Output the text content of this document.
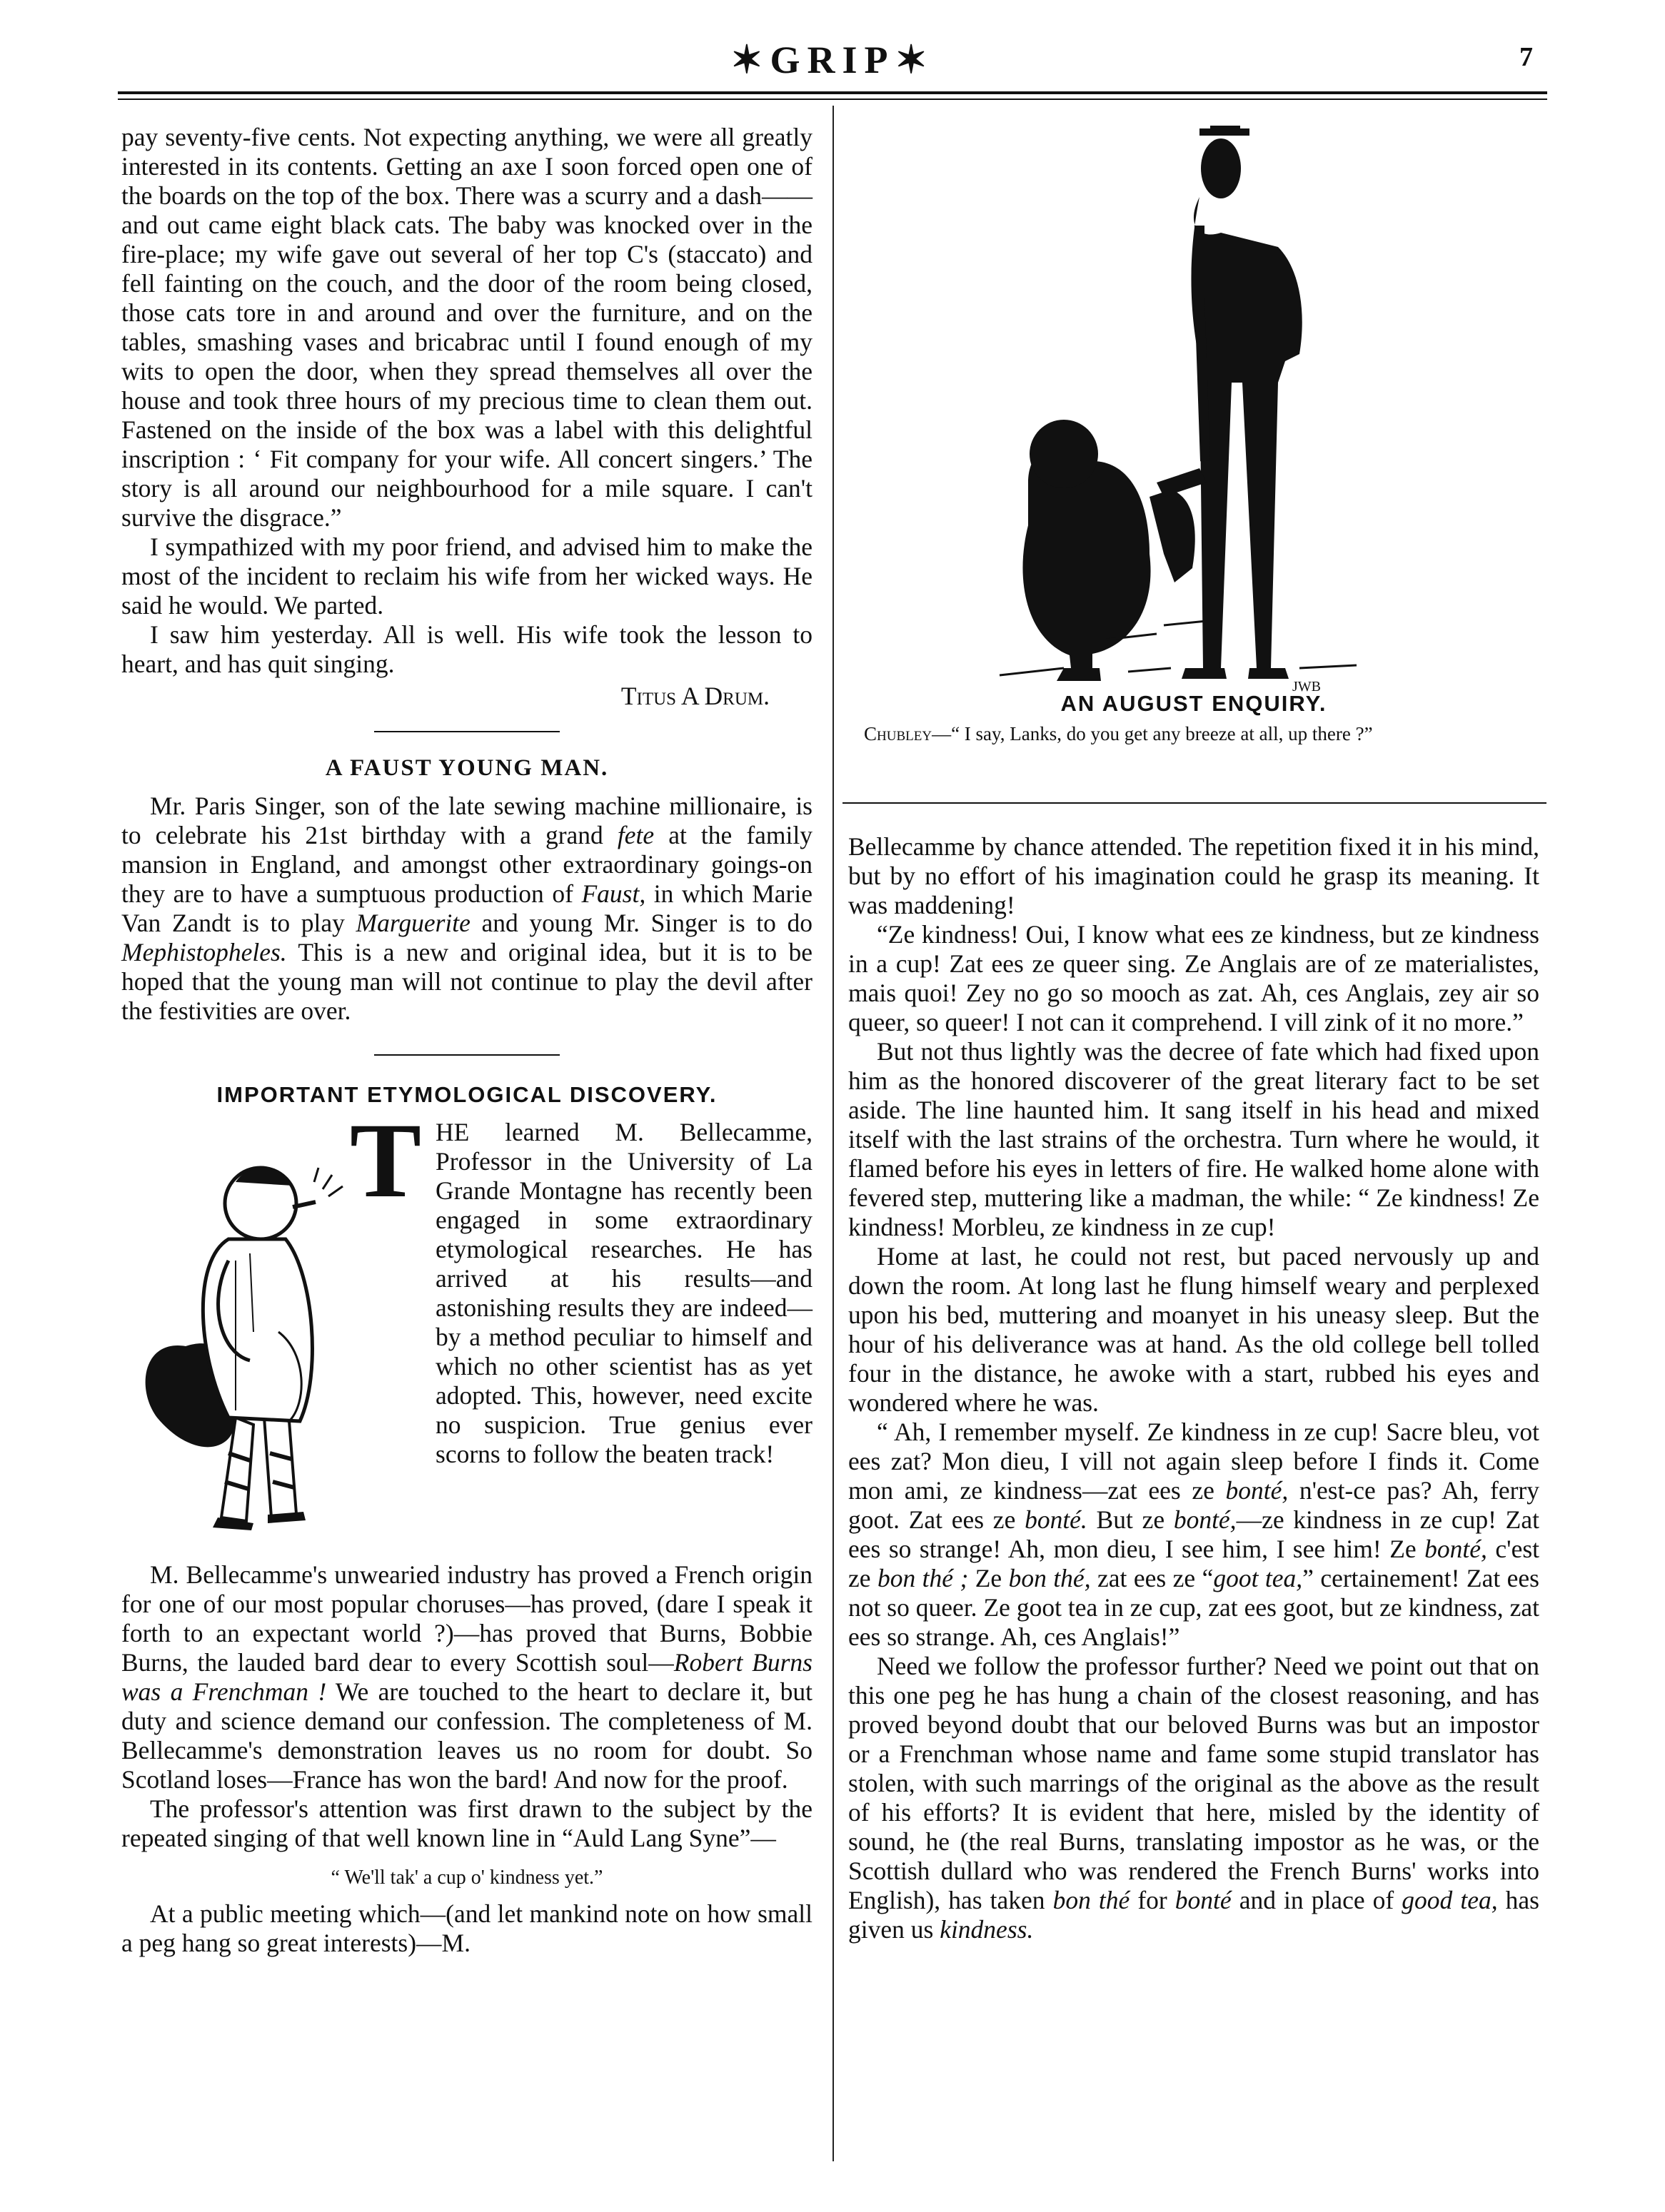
✶GRIP✶	7

pay seventy-five cents. Not expecting anything, we were all greatly interested in its contents. Getting an axe I soon forced open one of the boards on the top of the box. There was a scurry and a dash——and out came eight black cats. The baby was knocked over in the fire-place; my wife gave out several of her top C's (staccato) and fell fainting on the couch, and the door of the room being closed, those cats tore in and around and over the furniture, and on the tables, smashing vases and bricabrac until I found enough of my wits to open the door, when they spread themselves all over the house and took three hours of my precious time to clean them out. Fastened on the inside of the box was a label with this delightful inscription : ‘ Fit company for your wife. All concert singers.’ The story is all around our neighbourhood for a mile square. I can't survive the disgrace.”

I sympathized with my poor friend, and advised him to make the most of the incident to reclaim his wife from her wicked ways. He said he would. We parted.

I saw him yesterday. All is well. His wife took the lesson to heart, and has quit singing.

Titus A Drum.
A FAUST YOUNG MAN.

Mr. Paris Singer, son of the late sewing machine millionaire, is to celebrate his 21st birthday with a grand fete at the family mansion in England, and amongst other extraordinary goings-on they are to have a sumptuous production of Faust, in which Marie Van Zandt is to play Marguerite and young Mr. Singer is to do Mephistopheles. This is a new and original idea, but it is to be hoped that the young man will not continue to play the devil after the festivities are over.

IMPORTANT ETYMOLOGICAL DISCOVERY.
T HE learned M. Bellecamme, Professor in the University of La Grande Montagne has recently been engaged in some extraordinary etymological researches. He has arrived at his results—and astonishing results they are indeed—by a method peculiar to himself and which no other scientist has as yet adopted. This, however, need excite no suspicion. True genius ever scorns to follow the beaten track!

M. Bellecamme's unwearied industry has proved a French origin for one of our most popular choruses—has proved, (dare I speak it forth to an expectant world ?)—has proved that Burns, Bobbie Burns, the lauded bard dear to every Scottish soul—Robert Burns was a Frenchman ! We are touched to the heart to declare it, but duty and science demand our confession. The completeness of M. Bellecamme's demonstration leaves us no room for doubt. So Scotland loses—France has won the bard! And now for the proof.

The professor's attention was first drawn to the subject by the repeated singing of that well known line in “Auld Lang Syne”—

“ We'll tak' a cup o' kindness yet.”

At a public meeting which—(and let mankind note on how small a peg hang so great interests)—M.

JWB
AN AUGUST ENQUIRY.
Chubley—“ I say, Lanks, do you get any breeze at all, up there ?”

Bellecamme by chance attended. The repetition fixed it in his mind, but by no effort of his imagination could he grasp its meaning. It was maddening!

“Ze kindness! Oui, I know what ees ze kindness, but ze kindness in a cup! Zat ees ze queer sing. Ze Anglais are of ze materialistes, mais quoi! Zey no go so mooch as zat. Ah, ces Anglais, zey air so queer, so queer! I not can it comprehend. I vill zink of it no more.”

But not thus lightly was the decree of fate which had fixed upon him as the honored discoverer of the great literary fact to be set aside. The line haunted him. It sang itself in his head and mixed itself with the last strains of the orchestra. Turn where he would, it flamed before his eyes in letters of fire. He walked home alone with fevered step, muttering like a madman, the while: “ Ze kindness! Ze kindness! Morbleu, ze kindness in ze cup!

Home at last, he could not rest, but paced nervously up and down the room. At long last he flung himself weary and perplexed upon his bed, muttering and moanyet in his uneasy sleep. But the hour of his deliverance was at hand. As the old college bell tolled four in the distance, he awoke with a start, rubbed his eyes and wondered where he was.

“ Ah, I remember myself. Ze kindness in ze cup! Sacre bleu, vot ees zat? Mon dieu, I vill not again sleep before I finds it. Come mon ami, ze kindness—zat ees ze bonté, n'est-ce pas? Ah, ferry goot. Zat ees ze bonté. But ze bonté,—ze kindness in ze cup! Zat ees so strange! Ah, mon dieu, I see him, I see him! Ze bonté, c'est ze bon thé ; Ze bon thé, zat ees ze “goot tea,” certainement! Zat ees not so queer. Ze goot tea in ze cup, zat ees goot, but ze kindness, zat ees so strange. Ah, ces Anglais!”

Need we follow the professor further? Need we point out that on this one peg he has hung a chain of the closest reasoning, and has proved beyond doubt that our beloved Burns was but an impostor or a Frenchman whose name and fame some stupid translator has stolen, with such marrings of the original as the above as the result of his efforts? It is evident that here, misled by the identity of sound, he (the real Burns, translating impostor as he was, or the Scottish dullard who was rendered the French Burns' works into English), has taken bon thé for bonté and in place of good tea, has given us kindness.
